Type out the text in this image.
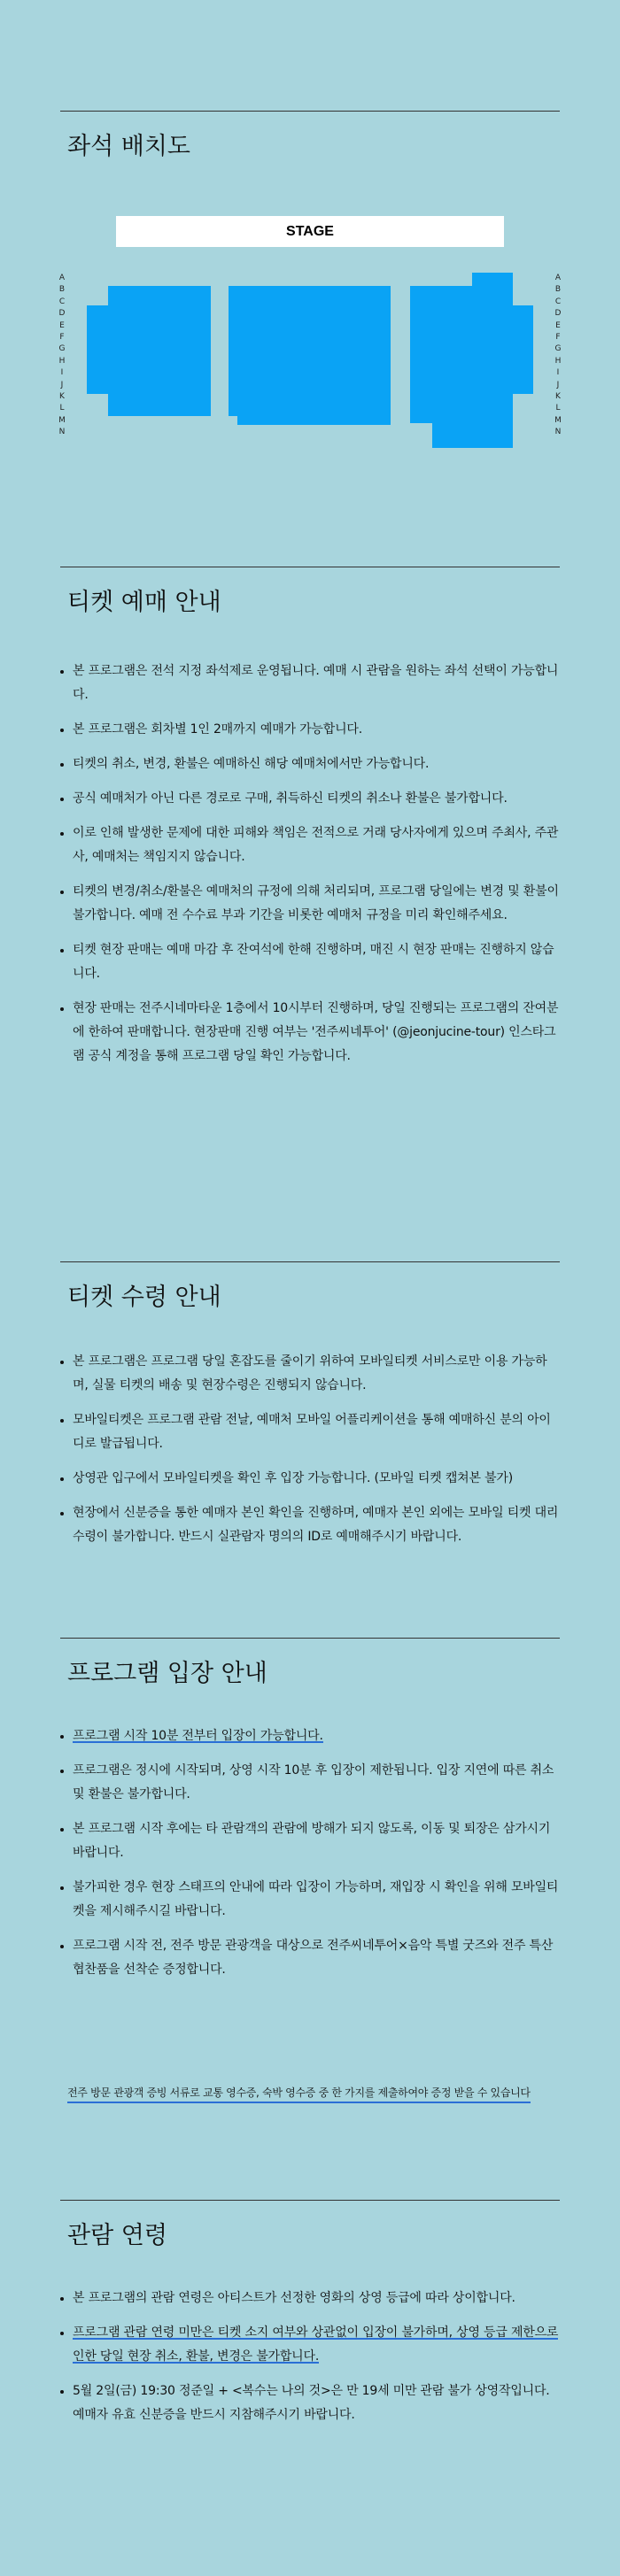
좌석 배치도
STAGE
A
B
C
D
E
F
G
H
I
J
K
L
M
N
A
B
C
D
E
F
G
H
I
J
K
L
M
N
티켓 예매 안내
본 프로그램은 전석 지정 좌석제로 운영됩니다. 예매 시 관람을 원하는 좌석 선택이 가능합니다.
본 프로그램은 회차별 1인 2매까지 예매가 가능합니다.
티켓의 취소, 변경, 환불은 예매하신 해당 예매처에서만 가능합니다.
공식 예매처가 아닌 다른 경로로 구매, 취득하신 티켓의 취소나 환불은 불가합니다.
이로 인해 발생한 문제에 대한 피해와 책임은 전적으로 거래 당사자에게 있으며 주최사, 주관사, 예매처는 책임지지 않습니다.
티켓의 변경/취소/환불은 예매처의 규정에 의해 처리되며, 프로그램 당일에는 변경 및 환불이 불가합니다. 예매 전 수수료 부과 기간을 비롯한 예매처 규정을 미리 확인해주세요.
티켓 현장 판매는 예매 마감 후 잔여석에 한해 진행하며, 매진 시 현장 판매는 진행하지 않습니다.
현장 판매는 전주시네마타운 1층에서 10시부터 진행하며, 당일 진행되는 프로그램의 잔여분에 한하여 판매합니다. 현장판매 진행 여부는 '전주씨네투어' (@jeonjucine-tour) 인스타그램 공식 계정을 통해 프로그램 당일 확인 가능합니다.
티켓 수령 안내
본 프로그램은 프로그램 당일 혼잡도를 줄이기 위하여 모바일티켓 서비스로만 이용 가능하며, 실물 티켓의 배송 및 현장수령은 진행되지 않습니다.
모바일티켓은 프로그램 관람 전날, 예매처 모바일 어플리케이션을 통해 예매하신 분의 아이디로 발급됩니다.
상영관 입구에서 모바일티켓을 확인 후 입장 가능합니다. (모바일 티켓 캡쳐본 불가)
현장에서 신분증을 통한 예매자 본인 확인을 진행하며, 예매자 본인 외에는 모바일 티켓 대리 수령이 불가합니다. 반드시 실관람자 명의의 ID로 예매해주시기 바랍니다.
프로그램 입장 안내
프로그램 시작 10분 전부터 입장이 가능합니다.
프로그램은 정시에 시작되며, 상영 시작 10분 후 입장이 제한됩니다. 입장 지연에 따른 취소 및 환불은 불가합니다.
본 프로그램 시작 후에는 타 관람객의 관람에 방해가 되지 않도록, 이동 및 퇴장은 삼가시기 바랍니다.
불가피한 경우 현장 스태프의 안내에 따라 입장이 가능하며, 재입장 시 확인을 위해 모바일티켓을 제시해주시길 바랍니다.
프로그램 시작 전, 전주 방문 관광객을 대상으로 전주씨네투어×음악 특별 굿즈와 전주 특산 협찬품을 선착순 증정합니다.
전주 방문 관광객 증빙 서류로 교통 영수증, 숙박 영수증 중 한 가지를 제출하여야 증정 받을 수 있습니다
관람 연령
본 프로그램의 관람 연령은 아티스트가 선정한 영화의 상영 등급에 따라 상이합니다.
프로그램 관람 연령 미만은 티켓 소지 여부와 상관없이 입장이 불가하며, 상영 등급 제한으로 인한 당일 현장 취소, 환불, 변경은 불가합니다.
5월 2일(금) 19:30 정준일 + <복수는 나의 것>은 만 19세 미만 관람 불가 상영작입니다. 예매자 유효 신분증을 반드시 지참해주시기 바랍니다.
